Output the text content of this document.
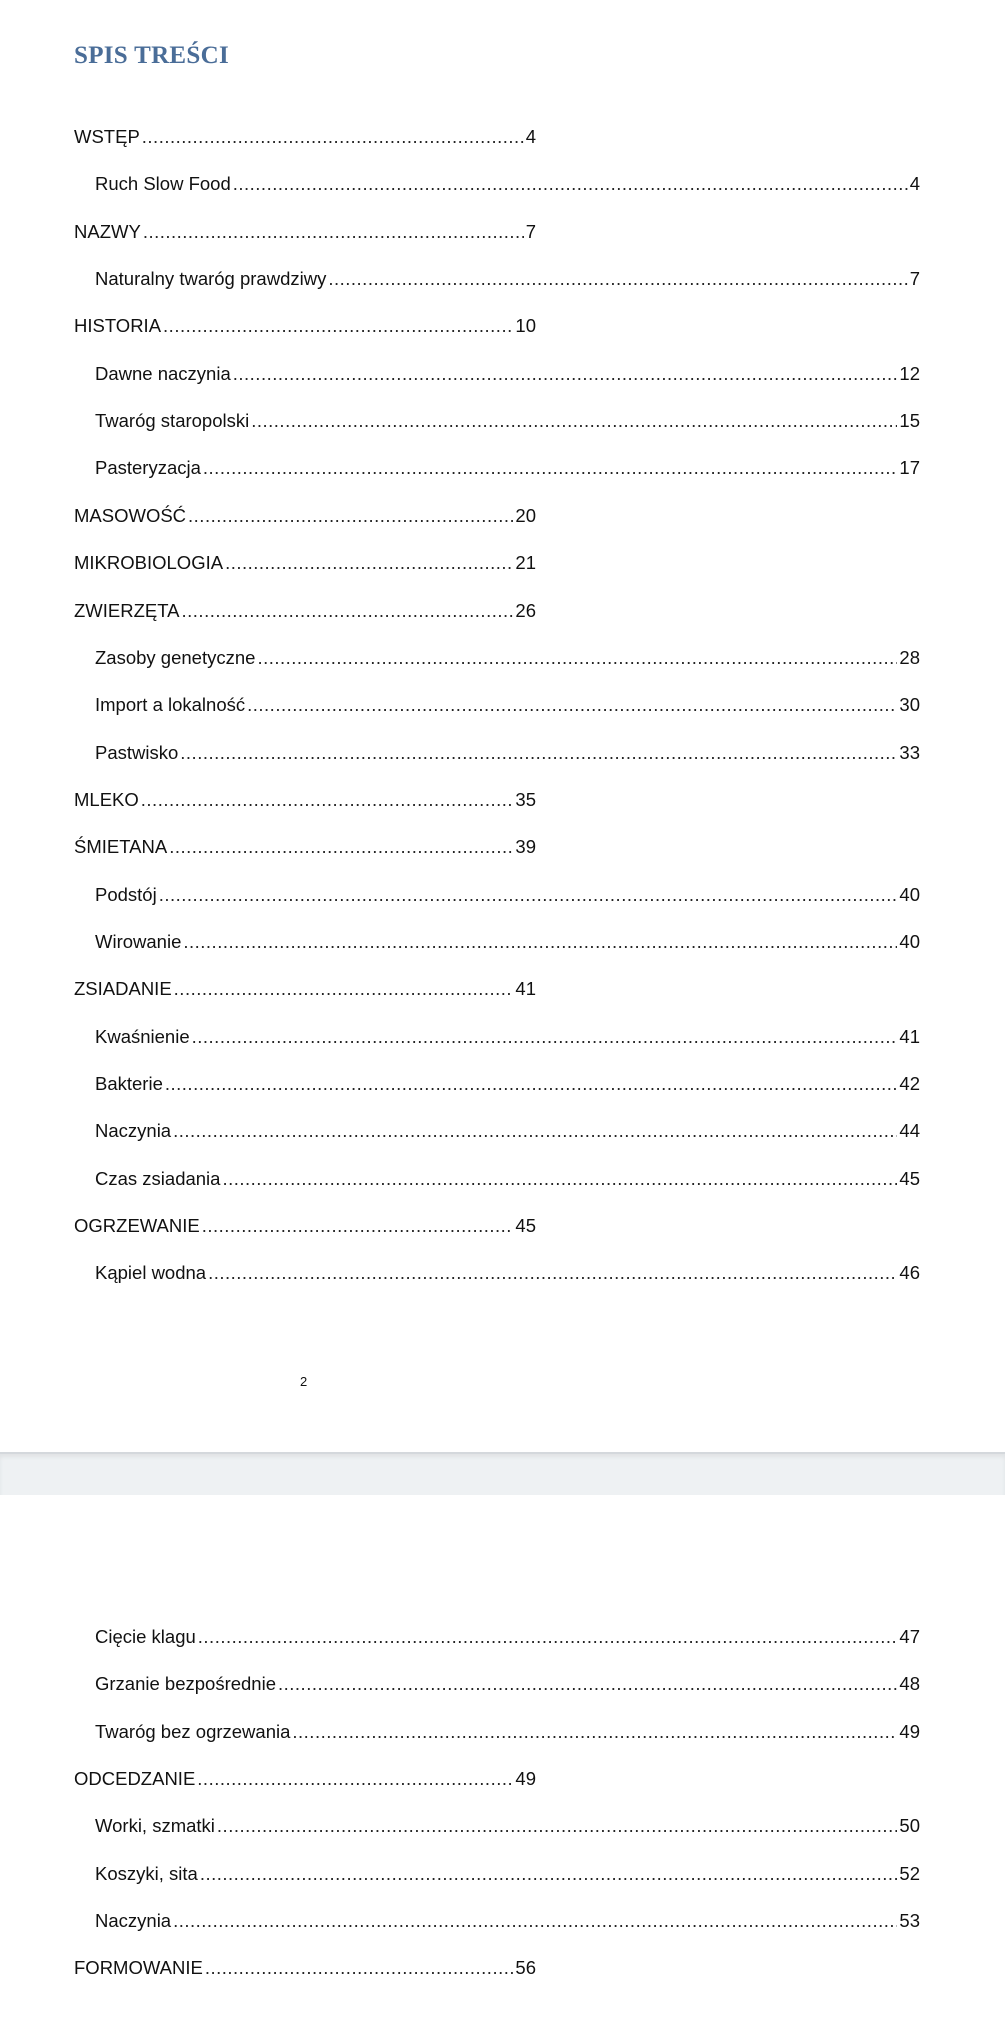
SPIS TREŚCI
WSTĘP .....	4
Ruch Slow Food .....	4
NAZWY .....	7
Naturalny twaróg prawdziwy .....	7
HISTORIA .....	10
Dawne naczynia .....	12
Twaróg staropolski .....	15
Pasteryzacja .....	17
MASOWOŚĆ .....	20
MIKROBIOLOGIA .....	21
ZWIERZĘTA .....	26
Zasoby genetyczne .....	28
Import a lokalność .....	30
Pastwisko .....	33
MLEKO .....	35
ŚMIETANA .....	39
Podstój .....	40
Wirowanie .....	40
ZSIADANIE .....	41
Kwaśnienie .....	41
Bakterie .....	42
Naczynia .....	44
Czas zsiadania .....	45
OGRZEWANIE .....	45
Kąpiel wodna .....	46
2
Cięcie klagu .....	47
Grzanie bezpośrednie .....	48
Twaróg bez ogrzewania .....	49
ODCEDZANIE .....	49
Worki, szmatki .....	50
Koszyki, sita .....	52
Naczynia .....	53
FORMOWANIE .....	56
